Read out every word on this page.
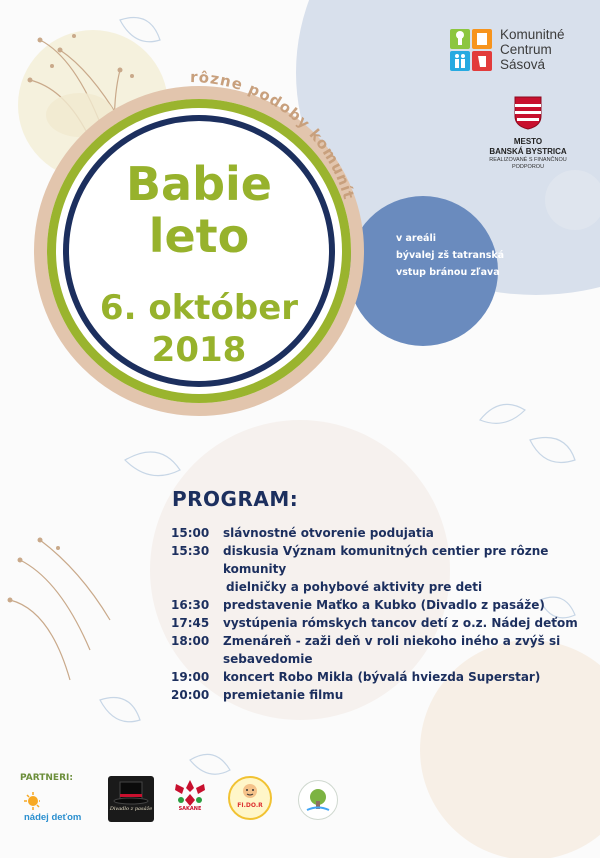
rôzne podoby komunít
Babie
leto
6. október
2018
Komunitné
Centrum
Sásová
MESTO
BANSKÁ BYSTRICA
REALIZOVANÉ S FINANČNOU
PODPOROU
v areáli
bývalej zš tatranská
vstup bránou zľava
PROGRAM:
15:00 slávnostné otvorenie podujatia
15:30 diskusia Význam komunitných centier pre rôzne
komunity
dielničky a pohybové aktivity pre deti
16:30 predstavenie Maťko a Kubko (Divadlo z pasáže)
17:45 vystúpenia rómskych tancov detí z o.z. Nádej deťom
18:00 Zmenáreň - zaži deň v roli niekoho iného a zvýš si
sebavedomie
19:00 koncert Robo Mikla (bývalá hviezda Superstar)
20:00 premietanie filmu
PARTNERI:
nádej deťom
Divadlo z pasáže	SAKANE	FI.DO.R
